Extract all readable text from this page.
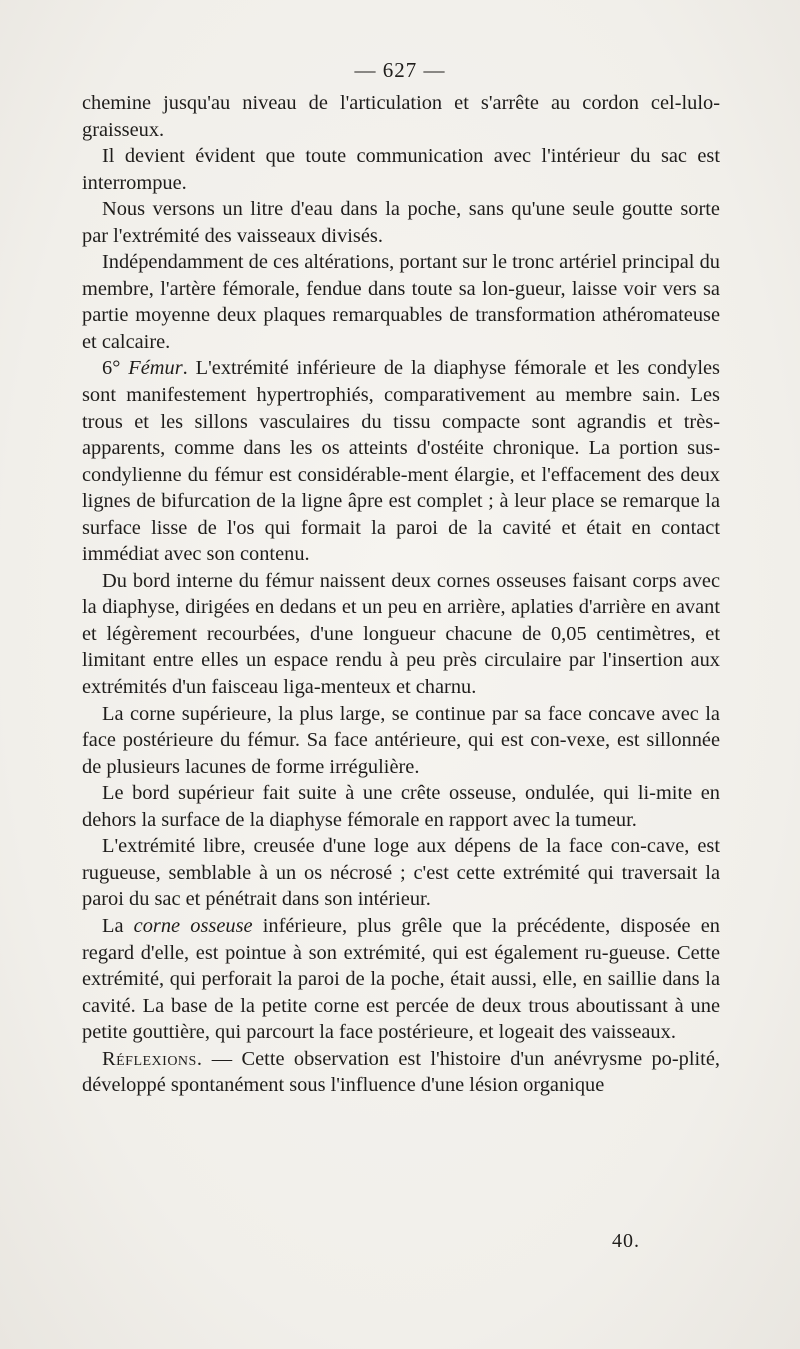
— 627 —

chemine jusqu'au niveau de l'articulation et s'arrête au cordon cel-lulo-graisseux.

Il devient évident que toute communication avec l'intérieur du sac est interrompue.

Nous versons un litre d'eau dans la poche, sans qu'une seule goutte sorte par l'extrémité des vaisseaux divisés.

Indépendamment de ces altérations, portant sur le tronc artériel principal du membre, l'artère fémorale, fendue dans toute sa lon-gueur, laisse voir vers sa partie moyenne deux plaques remarquables de transformation athéromateuse et calcaire.

6° Fémur. L'extrémité inférieure de la diaphyse fémorale et les condyles sont manifestement hypertrophiés, comparativement au membre sain. Les trous et les sillons vasculaires du tissu compacte sont agrandis et très-apparents, comme dans les os atteints d'ostéite chronique. La portion sus-condylienne du fémur est considérable-ment élargie, et l'effacement des deux lignes de bifurcation de la ligne âpre est complet ; à leur place se remarque la surface lisse de l'os qui formait la paroi de la cavité et était en contact immédiat avec son contenu.

Du bord interne du fémur naissent deux cornes osseuses faisant corps avec la diaphyse, dirigées en dedans et un peu en arrière, aplaties d'arrière en avant et légèrement recourbées, d'une longueur chacune de 0,05 centimètres, et limitant entre elles un espace rendu à peu près circulaire par l'insertion aux extrémités d'un faisceau liga-menteux et charnu.

La corne supérieure, la plus large, se continue par sa face concave avec la face postérieure du fémur. Sa face antérieure, qui est con-vexe, est sillonnée de plusieurs lacunes de forme irrégulière.

Le bord supérieur fait suite à une crête osseuse, ondulée, qui li-mite en dehors la surface de la diaphyse fémorale en rapport avec la tumeur.

L'extrémité libre, creusée d'une loge aux dépens de la face con-cave, est rugueuse, semblable à un os nécrosé ; c'est cette extrémité qui traversait la paroi du sac et pénétrait dans son intérieur.

La corne osseuse inférieure, plus grêle que la précédente, disposée en regard d'elle, est pointue à son extrémité, qui est également ru-gueuse. Cette extrémité, qui perforait la paroi de la poche, était aussi, elle, en saillie dans la cavité. La base de la petite corne est percée de deux trous aboutissant à une petite gouttière, qui parcourt la face postérieure, et logeait des vaisseaux.

Réflexions. — Cette observation est l'histoire d'un anévrysme po-plité, développé spontanément sous l'influence d'une lésion organique

40.
